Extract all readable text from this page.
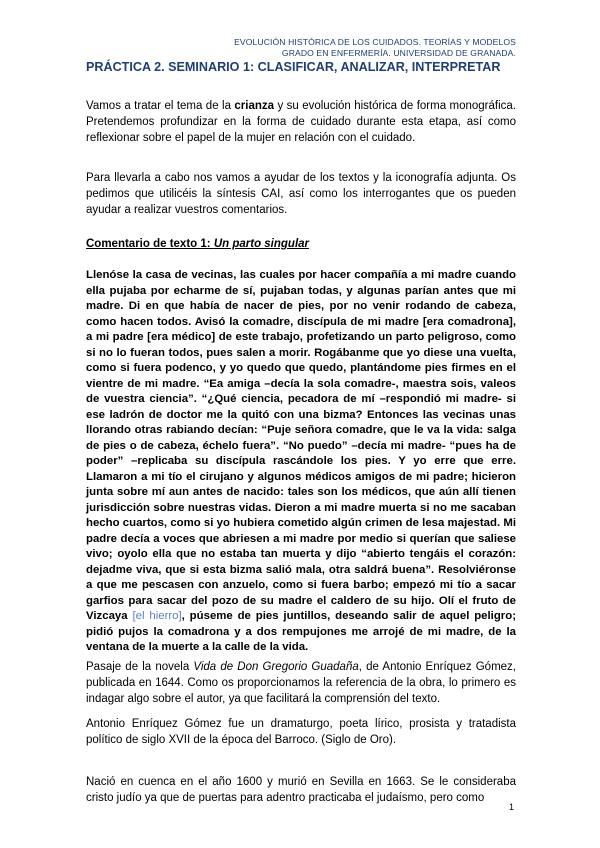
EVOLUCIÓN HISTÓRICA DE LOS CUIDADOS. TEORÍAS Y MODELOS
GRADO EN ENFERMERÍA. UNIVERSIDAD DE GRANADA.
PRÁCTICA 2. SEMINARIO 1: CLASIFICAR, ANALIZAR, INTERPRETAR
Vamos a tratar el tema de la crianza y su evolución histórica de forma monográfica. Pretendemos profundizar en la forma de cuidado durante esta etapa, así como reflexionar sobre el papel de la mujer en relación con el cuidado.
Para llevarla a cabo nos vamos a ayudar de los textos y la iconografía adjunta. Os pedimos que utilicéis la síntesis CAI, así como los interrogantes que os pueden ayudar a realizar vuestros comentarios.
Comentario de texto 1: Un parto singular
Llenóse la casa de vecinas, las cuales por hacer compañía a mi madre cuando ella pujaba por echarme de sí, pujaban todas, y algunas parían antes que mi madre. Di en que había de nacer de pies, por no venir rodando de cabeza, como hacen todos. Avisó la comadre, discípula de mi madre [era comadrona], a mi padre [era médico] de este trabajo, profetizando un parto peligroso, como si no lo fueran todos, pues salen a morir. Rogábanme que yo diese una vuelta, como si fuera podenco, y yo quedo que quedo, plantándome pies firmes en el vientre de mi madre. “Ea amiga –decía la sola comadre-, maestra sois, valeos de vuestra ciencia”. “¿Qué ciencia, pecadora de mí –respondió mi madre- si ese ladrón de doctor me la quitó con una bizma? Entonces las vecinas unas llorando otras rabiando decían: “Puje señora comadre, que le va la vida: salga de pies o de cabeza, échelo fuera”. “No puedo” –decía mi madre- “pues ha de poder” –replicaba su discípula rascándole los pies. Y yo erre que erre. Llamaron a mi tío el cirujano y algunos médicos amigos de mi padre; hicieron junta sobre mí aun antes de nacido: tales son los médicos, que aún allí tienen jurisdicción sobre nuestras vidas. Dieron a mi madre muerta si no me sacaban hecho cuartos, como si yo hubiera cometido algún crimen de lesa majestad. Mi padre decía a voces que abriesen a mi madre por medio si querían que saliese vivo; oyolo ella que no estaba tan muerta y dijo “abierto tengáis el corazón: dejadme viva, que si esta bizma salió mala, otra saldrá buena”. Resolviéronse a que me pescasen con anzuelo, como si fuera barbo; empezó mi tío a sacar garfios para sacar del pozo de su madre el caldero de su hijo. Olí el fruto de Vizcaya [el hierro], púseme de pies juntillos, deseando salir de aquel peligro; pidió pujos la comadrona y a dos rempujones me arrojé de mi madre, de la ventana de la muerte a la calle de la vida.
Pasaje de la novela Vida de Don Gregorio Guadaña, de Antonio Enríquez Gómez, publicada en 1644. Como os proporcionamos la referencia de la obra, lo primero es indagar algo sobre el autor, ya que facilitará la comprensión del texto.
Antonio Enríquez Gómez fue un dramaturgo, poeta lírico, prosista y tratadista político de siglo XVII de la época del Barroco. (Siglo de Oro).
Nació en cuenca en el año 1600 y murió en Sevilla en 1663. Se le consideraba cristo judío ya que de puertas para adentro practicaba el judaísmo, pero como
1
